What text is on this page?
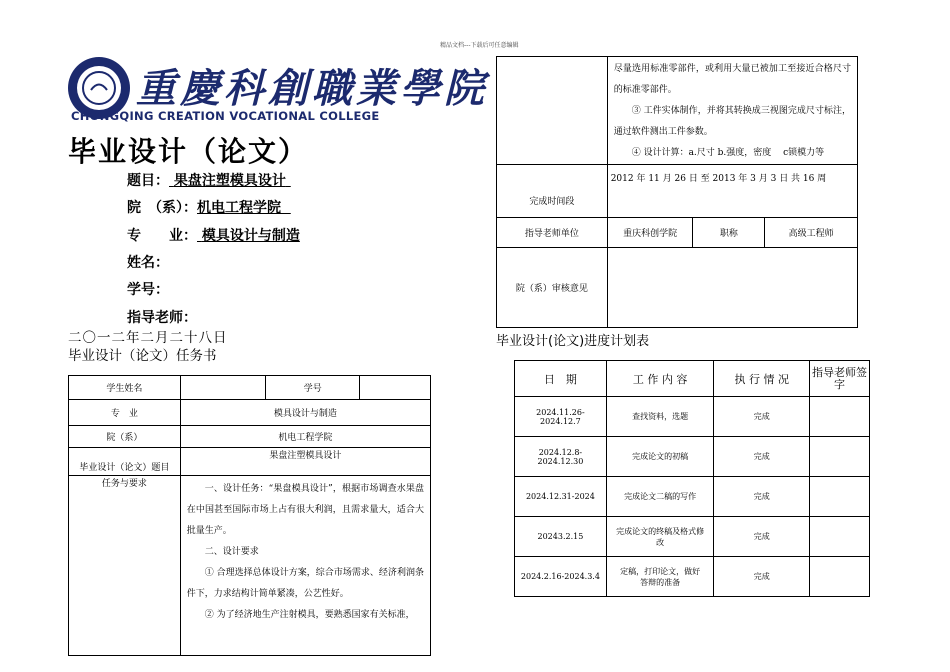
精品文档---下载后可任意编辑
重慶科創職業學院
CHONGQING CREATION VOCATIONAL COLLEGE
毕业设计（论文）
题目： 果盘注塑模具设计
院　（系）：机电工程学院
专　　业： 模具设计与制造
姓名：
学号：
指导老师：
二〇一二年二月二十八日
毕业设计（论文）任务书
学生姓名		学号	
专　业	模具设计与制造		
院（系）	机电工程学院		
毕业设计（论文）题目	果盘注塑模具设计		
任务与要求	一、设计任务：“果盘模具设计”，根据市场调查水果盘在中国甚至国际市场上占有很大利润，且需求量大，适合大批量生产。
二、设计要求
① 合理选择总体设计方案，综合市场需求、经济利润条件下，力求结构计简单紧凑，公艺性好。
② 为了经济地生产注射模具，要熟悉国家有关标准，		

	尽量选用标准零部件，或利用大量已被加工至接近合格尺寸的标准零部件。
③ 工件实体制作，并将其转换成三视图完成尺寸标注，通过软件测出工件参数。
④ 设计计算：a.尺寸 b.强度，密度　 c锁模力等		

完成时间段	2012 年 11 月 26 日 至 2013 年 3 月 3 日 共 16 周		
指导老师单位	重庆科创学院	职称	高级工程师
院（系）审核意见			
毕业设计(论文)进度计划表
日　期	工 作 内 容	执 行 情 况	指导老师签　　字
2024.11.26-2024.12.7	查找资料，选题	完成	
2024.12.8-2024.12.30	完成论文的初稿	完成	
2024.12.31-2024	完成论文二稿的写作	完成	
20243.2.15	完成论文的终稿及格式修改	完成	
2024.2.16-2024.3.4	定稿，打印论文，做好答辩的准备	完成	
